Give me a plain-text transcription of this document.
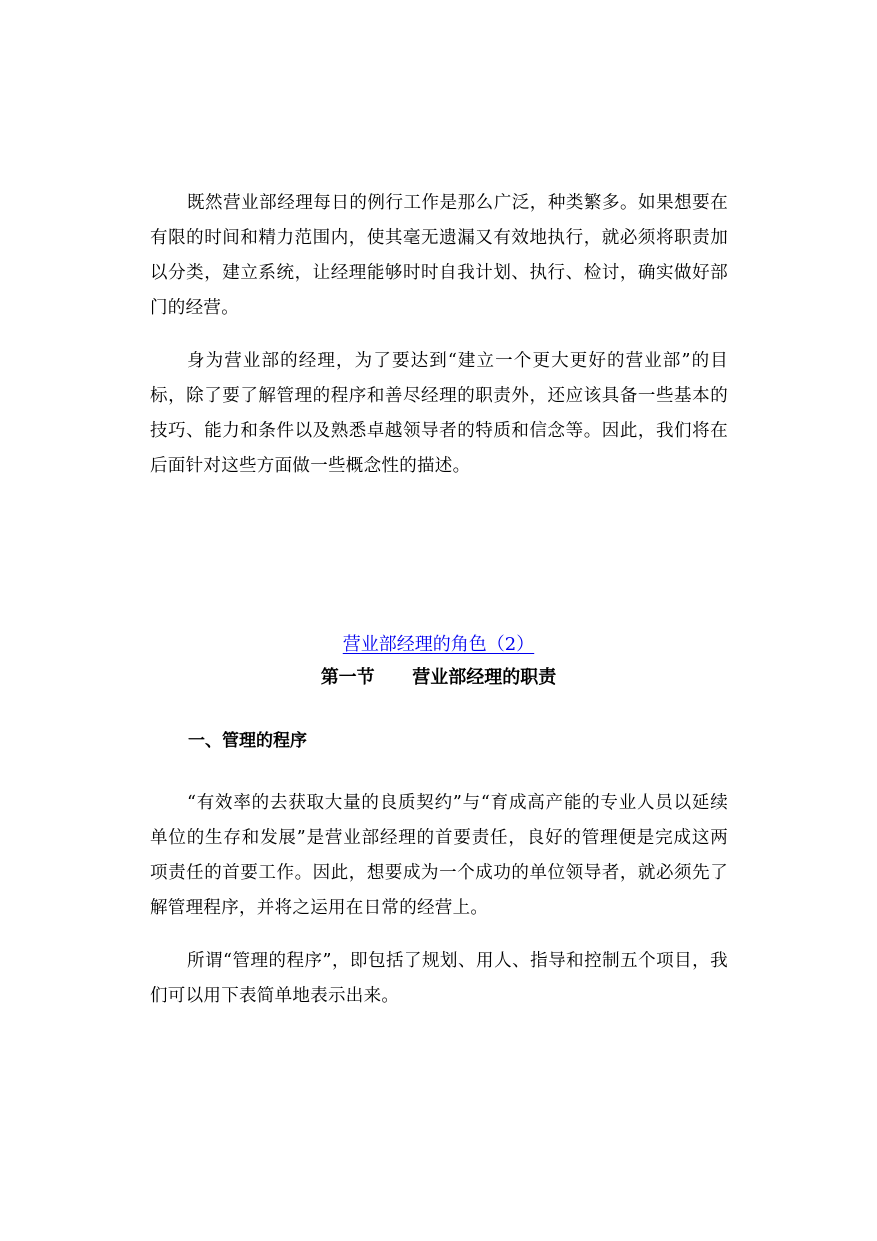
既然营业部经理每日的例行工作是那么广泛，种类繁多。如果想要在有限的时间和精力范围内，使其毫无遗漏又有效地执行，就必须将职责加以分类，建立系统，让经理能够时时自我计划、执行、检讨，确实做好部门的经营。

身为营业部的经理，为了要达到“建立一个更大更好的营业部”的目标，除了要了解管理的程序和善尽经理的职责外，还应该具备一些基本的技巧、能力和条件以及熟悉卓越领导者的特质和信念等。因此，我们将在后面针对这些方面做一些概念性的描述。

营业部经理的角色（2）
第一节      营业部经理的职责
一、管理的程序

“有效率的去获取大量的良质契约”与“育成高产能的专业人员以延续单位的生存和发展”是营业部经理的首要责任，良好的管理便是完成这两项责任的首要工作。因此，想要成为一个成功的单位领导者，就必须先了解管理程序，并将之运用在日常的经营上。

所谓“管理的程序”，即包括了规划、用人、指导和控制五个项目，我们可以用下表简单地表示出来。
